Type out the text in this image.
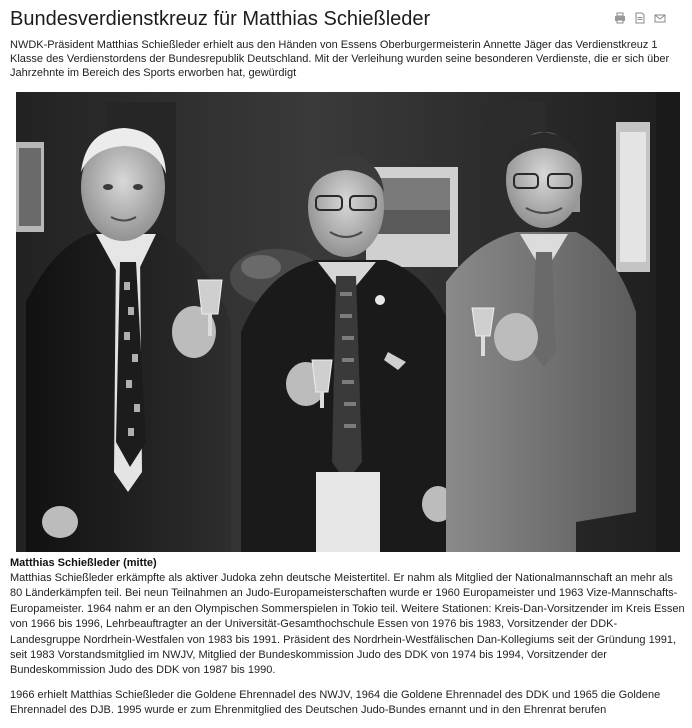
Bundesverdienstkreuz für Matthias Schießleder

NWDK-Präsident Matthias Schießleder erhielt aus den Händen von Essens Oberburgermeisterin Annette Jäger das Verdienstkreuz 1 Klasse des Verdienstordens der Bundesrepublik Deutschland. Mit der Verleihung wurden seine besonderen Verdienste, die er sich über Jahrzehnte im Bereich des Sports erworben hat, gewürdigt

Matthias Schießleder (mitte)

Matthias Schießleder erkämpfte als aktiver Judoka zehn deutsche Meistertitel. Er nahm als Mitglied der Nationalmannschaft an mehr als 80 Länderkämpfen teil. Bei neun Teilnahmen an Judo-Europameisterschaften wurde er 1960 Europameister und 1963 Vize-Mannschafts-Europameister. 1964 nahm er an den Olympischen Sommerspielen in Tokio teil. Weitere Stationen: Kreis-Dan-Vorsitzender im Kreis Essen von 1966 bis 1996, Lehrbeauftragter an der Universität-Gesamthochschule Essen von 1976 bis 1983, Vorsitzender der DDK-Landesgruppe Nordrhein-Westfalen von 1983 bis 1991. Präsident des Nordrhein-Westfälischen Dan-Kollegiums seit der Gründung 1991, seit 1983 Vorstandsmitglied im NWJV, Mitglied der Bundeskommission Judo des DDK von 1974 bis 1994, Vorsitzender der Bundeskommission Judo des DDK von 1987 bis 1990.

1966 erhielt Matthias Schießleder die Goldene Ehrennadel des NWJV, 1964 die Goldene Ehrennadel des DDK und 1965 die Goldene Ehrennadel des DJB. 1995 wurde er zum Ehrenmitglied des Deutschen Judo-Bundes ernannt und in den Ehrenrat berufen
